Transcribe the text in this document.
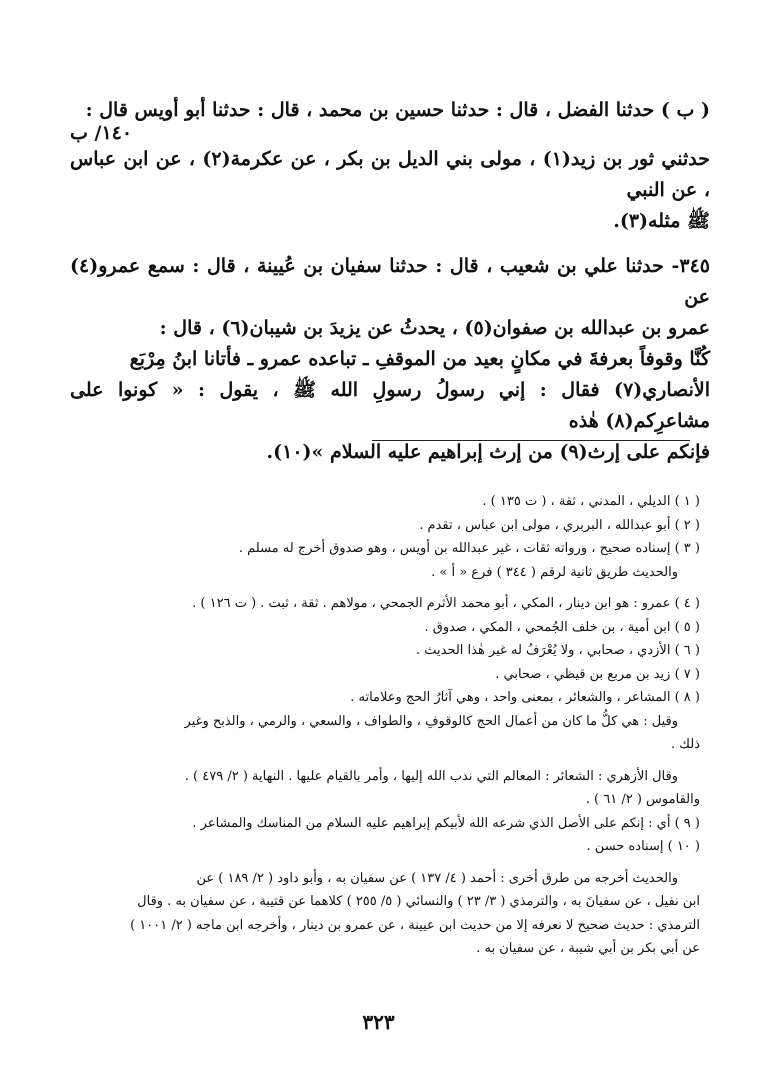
( ب ) حدثنا الفضل ، قال : حدثنا حسين بن محمد ، قال : حدثنا أبو أويس قال :

١٤٠/ ب

حدثني ثور بن زيد(١) ، مولى بني الديل بن بكر ، عن عكرمة(٢) ، عن ابن عباس ، عن النبي

ﷺ مثله(٣).

٣٤٥- حدثنا علي بن شعيب ، قال : حدثنا سفيان بن عُيينة ، قال : سمع عمرو(٤) عن

عمرو بن عبدالله بن صفوان(٥) ، يحدثُ عن يزيدَ بن شيبان(٦) ، قال :

كُنَّا وقوفاً بعرفةَ في مكانٍ بعيد من الموقفِ ـ تباعده عمرو ـ فأتانا ابنُ مِرْبَع

الأنصاري(٧) فقال : إني رسولُ رسولِ الله ﷺ ، يقول : « كونوا على مشاعرِكم(٨) هٰذه

فإنكم على إرث(٩) من إرث إبراهيم عليه السلام »(١٠).

( ١ ) الديلي ، المدني ، ثقة ، ( ت ١٣٥ ) .

( ٢ ) أبو عبدالله ، البربري ، مولى ابن عباس ، تقدم .

( ٣ ) إسناده صحيح ، ورواته ثقات ، غير عبدالله بن أويس ، وهو صدوق أخرج له مسلم .

والحديث طريق ثانية لرقم ( ٣٤٤ ) فرع « أ » .

( ٤ ) عمرو : هو ابن دينار ، المكي ، أبو محمد الأثرم الجمحي ، مولاهم . ثقة ، ثبت . ( ت ١٢٦ ) .

( ٥ ) ابن أمية ، بن خلف الجُمحي ، المكي ، صدوق .

( ٦ ) الأزدي ، صحابي ، ولا يُعْرَفُ له غير هٰذا الحديث .

( ٧ ) زيد بن مربع بن قيظي ، صحابي .

( ٨ ) المشاعر ، والشعائر ، بمعنى واحد ، وهي آثارُ الحج وعلاماته .

وقيل : هي كلُّ ما كان من أعمال الحج كالوقوفِ ، والطواف ، والسعي ، والرمي ، والذبح وغير

ذلك .

وقال الأزهري : الشعائر : المعالم التي ندب الله إليها ، وأمر بالقيام عليها . النهاية ( ٢/ ٤٧٩ ) .

والقاموس ( ٢/ ٦١ ) .

( ٩ ) أي : إنكم على الأصل الذي شرعه الله لأبيكم إبراهيم عليه السلام من المناسك والمشاعر .

( ١٠ ) إسناده حسن .

والحديث أخرجه من طرق أخرى : أحمد ( ٤/ ١٣٧ ) عن سفيان به ، وأبو داود ( ٢/ ١٨٩ ) عن

ابن نفيل ، عن سفيانَ به ، والترمذي ( ٣/ ٢٣ ) والنسائي ( ٥/ ٢٥٥ ) كلاهما عن قتيبة ، عن سفيان به . وقال

الترمذي : حديث صحيح لا نعرفه إلا من حديث ابن عيينة ، عن عمرو بن دينار ، وأخرجه ابن ماجه ( ٢/ ١٠٠١ )

عن أبي بكر بن أبي شيبة ، عن سفيان به .

٣٢٣
